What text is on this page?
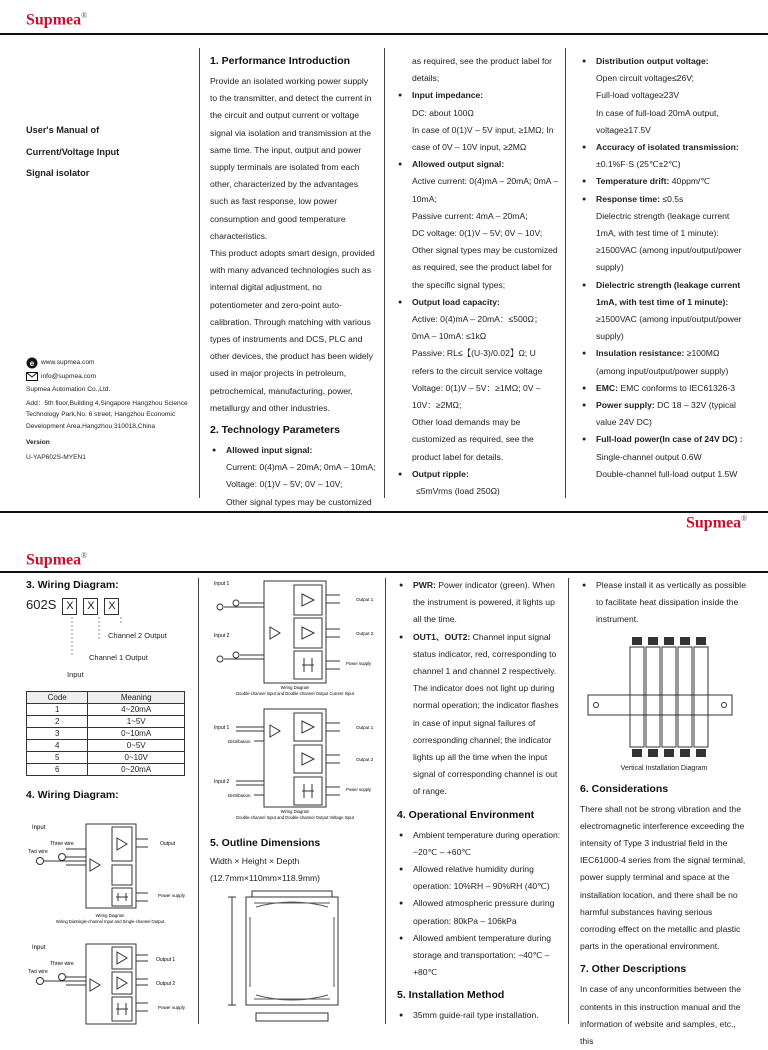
Supmea®
User's Manual of
Current/Voltage Input
Signal isolator
e www.supmea.com
info@supmea.com
Supmea Automation Co.,Ltd.
Add：5th floor,Building 4,Singapore Hangzhou Science Technology Park,No. 6 street, Hangzhou Economic Development Area,Hangzhou 310018,China
Version
U-YAP602S-MYEN1
1. Performance Introduction

Provide an isolated working power supply to the transmitter, and detect the current in the circuit and output current or voltage signal via isolation and transmission at the same time. The input, output and power supply terminals are isolated from each other, characterized by the advantages such as fast response, low power consumption and good temperature characteristics.

This product adopts smart design, provided with many advanced technologies such as internal digital adjustment, no potentiometer and zero-point auto-calibration. Through matching with various types of instruments and DCS, PLC and other devices, the product has been widely used in major projects in petroleum, petrochemical, manufacturing, power, metallurgy and other industries.

2. Technology Parameters
● Allowed input signal:
Current: 0(4)mA – 20mA; 0mA – 10mA;
Voltage: 0(1)V – 5V; 0V – 10V;
Other signal types may be customized
as required, see the product label for details;
● Input impedance:
DC: about 100Ω
In case of 0(1)V – 5V input, ≥1MΩ; In case of 0V – 10V input, ≥2MΩ
● Allowed output signal:
Active current: 0(4)mA – 20mA; 0mA – 10mA;
Passive current: 4mA – 20mA;
DC voltage: 0(1)V – 5V; 0V – 10V;
Other signal types may be customized as required, see the product label for the specific signal types;
● Output load capacity:
Active: 0(4)mA – 20mA：≤500Ω；0mA – 10mA: ≤1kΩ
Passive: RL≤【(U-3)/0.02】Ω; U refers to the circuit service voltage
Voltage: 0(1)V – 5V：≥1MΩ; 0V – 10V：≥2MΩ;
Other load demands may be customized as required, see the product label for details.
● Output ripple:
≤5mVrms (load 250Ω)
● Distribution output voltage:
Open circuit voltage≤26V;
Full-load voltage≥23V
In case of full-load 20mA output, voltage≥17.5V
● Accuracy of isolated transmission:
±0.1%F·S (25℃±2℃)
● Temperature drift: 40ppm/℃
● Response time: ≤0.5s
Dielectric strength (leakage current 1mA, with test time of 1 minute): ≥1500VAC (among input/output/power supply)
● Dielectric strength (leakage current 1mA, with test time of 1 minute):
≥1500VAC (among input/output/power supply)
● Insulation resistance: ≥100MΩ
(among input/output/power supply)
● EMC: EMC conforms to IEC61326-3
● Power supply: DC 18 – 32V (typical value 24V DC)
● Full-load power(In case of 24V DC) :
Single-channel output 0.6W
Double-channel full-load output 1.5W
Supmea®
Supmea®
3. Wiring Diagram:
602S X X X
Channel 2 Output
Channel 1 Output
Input
Code	Meaning
1	4~20mA
2	1~5V
3	0~10mA
4	0~5V
5	0~10V
6	0~20mA
4. Wiring Diagram:
Input
Three wire
Two wire
Output
Power supply
Wiring Diagram
Wiring DiaSingle-channel Input and Single-channel Output
Input
Three wire
Two wire
Output 1
Output 2
Power supply
Input 1
Input 2
Output 1
Output 2
Power supply
Wiring Diagram
Double-channel Input and Double-channel Output Current Input
Input 1
Input 2
Distribution
Distribution
Output 1
Output 2
Power supply
Wiring Diagram
Double-channel Input and Double-channel Output Voltage Input
5. Outline Dimensions
Width × Height × Depth
(12.7mm×110mm×118.9mm)
● PWR: Power indicator (green). When the instrument is powered, it lights up all the time.
● OUT1、OUT2: Channel input signal status indicator, red, corresponding to channel 1 and channel 2 respectively. The indicator does not light up during normal operation; the indicator flashes in case of input signal failures of corresponding channel; the indicator lights up all the time when the input signal of corresponding channel is out of range.
4. Operational Environment
● Ambient temperature during operation: −20℃ – +60℃
● Allowed relative humidity during operation: 10%RH – 90%RH (40℃)
● Allowed atmospheric pressure during operation: 80kPa – 106kPa
● Allowed ambient temperature during storage and transportation: −40℃ – +80℃
5. Installation Method
● 35mm guide-rail type installation.
● Please install it as vertically as possible to facilitate heat dissipation inside the instrument.
Vertical Installation Diagram
6. Considerations

There shall not be strong vibration and the electromagnetic interference exceeding the intensity of Type 3 industrial field in the IEC61000-4 series from the signal terminal, power supply terminal and space at the installation location, and there shall be no harmful substances having serious corroding effect on the metallic and plastic parts in the operational environment.

7. Other Descriptions

In case of any unconformities between the contents in this instruction manual and the information of website and samples, etc., this
